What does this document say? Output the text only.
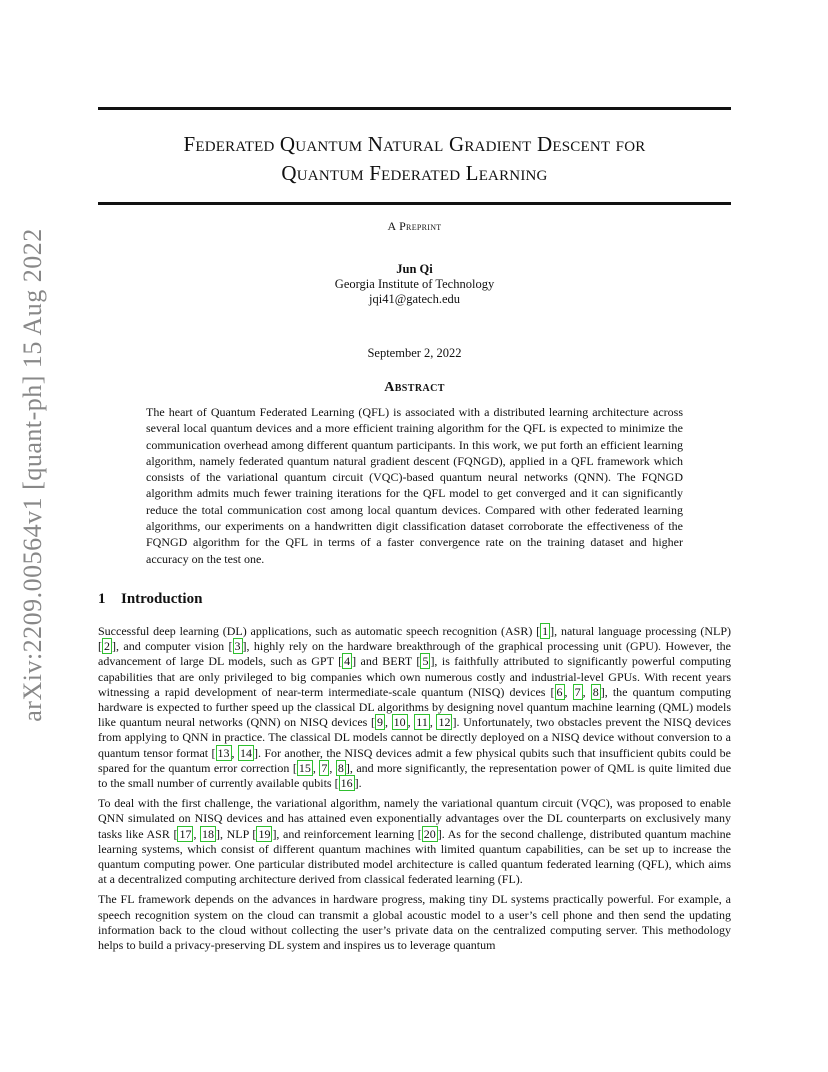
arXiv:2209.00564v1 [quant-ph] 15 Aug 2022
Federated Quantum Natural Gradient Descent for
Quantum Federated Learning
A Preprint
Jun Qi
Georgia Institute of Technology
jqi41@gatech.edu
September 2, 2022
Abstract

The heart of Quantum Federated Learning (QFL) is associated with a distributed learning architecture across several local quantum devices and a more efficient training algorithm for the QFL is expected to minimize the communication overhead among different quantum participants. In this work, we put forth an efficient learning algorithm, namely federated quantum natural gradient descent (FQNGD), applied in a QFL framework which consists of the variational quantum circuit (VQC)-based quantum neural networks (QNN). The FQNGD algorithm admits much fewer training iterations for the QFL model to get converged and it can significantly reduce the total communication cost among local quantum devices. Compared with other federated learning algorithms, our experiments on a handwritten digit classification dataset corroborate the effectiveness of the FQNGD algorithm for the QFL in terms of a faster convergence rate on the training dataset and higher accuracy on the test one.

1 Introduction

Successful deep learning (DL) applications, such as automatic speech recognition (ASR) [ 1 ], natural language processing (NLP) [ 2 ], and computer vision [ 3 ], highly rely on the hardware breakthrough of the graphical processing unit (GPU). However, the advancement of large DL models, such as GPT [ 4 ] and BERT [ 5 ], is faithfully attributed to significantly powerful computing capabilities that are only privileged to big companies which own numerous costly and industrial-level GPUs. With recent years witnessing a rapid development of near-term intermediate-scale quantum (NISQ) devices [ 6 , 7 , 8 ], the quantum computing hardware is expected to further speed up the classical DL algorithms by designing novel quantum machine learning (QML) models like quantum neural networks (QNN) on NISQ devices [ 9 , 10 , 11 , 12 ]. Unfortunately, two obstacles prevent the NISQ devices from applying to QNN in practice. The classical DL models cannot be directly deployed on a NISQ device without conversion to a quantum tensor format [ 13 , 14 ]. For another, the NISQ devices admit a few physical qubits such that insufficient qubits could be spared for the quantum error correction [ 15 , 7 , 8 ], and more significantly, the representation power of QML is quite limited due to the small number of currently available qubits [ 16 ].

To deal with the first challenge, the variational algorithm, namely the variational quantum circuit (VQC), was proposed to enable QNN simulated on NISQ devices and has attained even exponentially advantages over the DL counterparts on exclusively many tasks like ASR [ 17 , 18 ], NLP [ 19 ], and reinforcement learning [ 20 ]. As for the second challenge, distributed quantum machine learning systems, which consist of different quantum machines with limited quantum capabilities, can be set up to increase the quantum computing power. One particular distributed model architecture is called quantum federated learning (QFL), which aims at a decentralized computing architecture derived from classical federated learning (FL).

The FL framework depends on the advances in hardware progress, making tiny DL systems practically powerful. For example, a speech recognition system on the cloud can transmit a global acoustic model to a user’s cell phone and then send the updating information back to the cloud without collecting the user’s private data on the centralized computing server. This methodology helps to build a privacy-preserving DL system and inspires us to leverage quantum
